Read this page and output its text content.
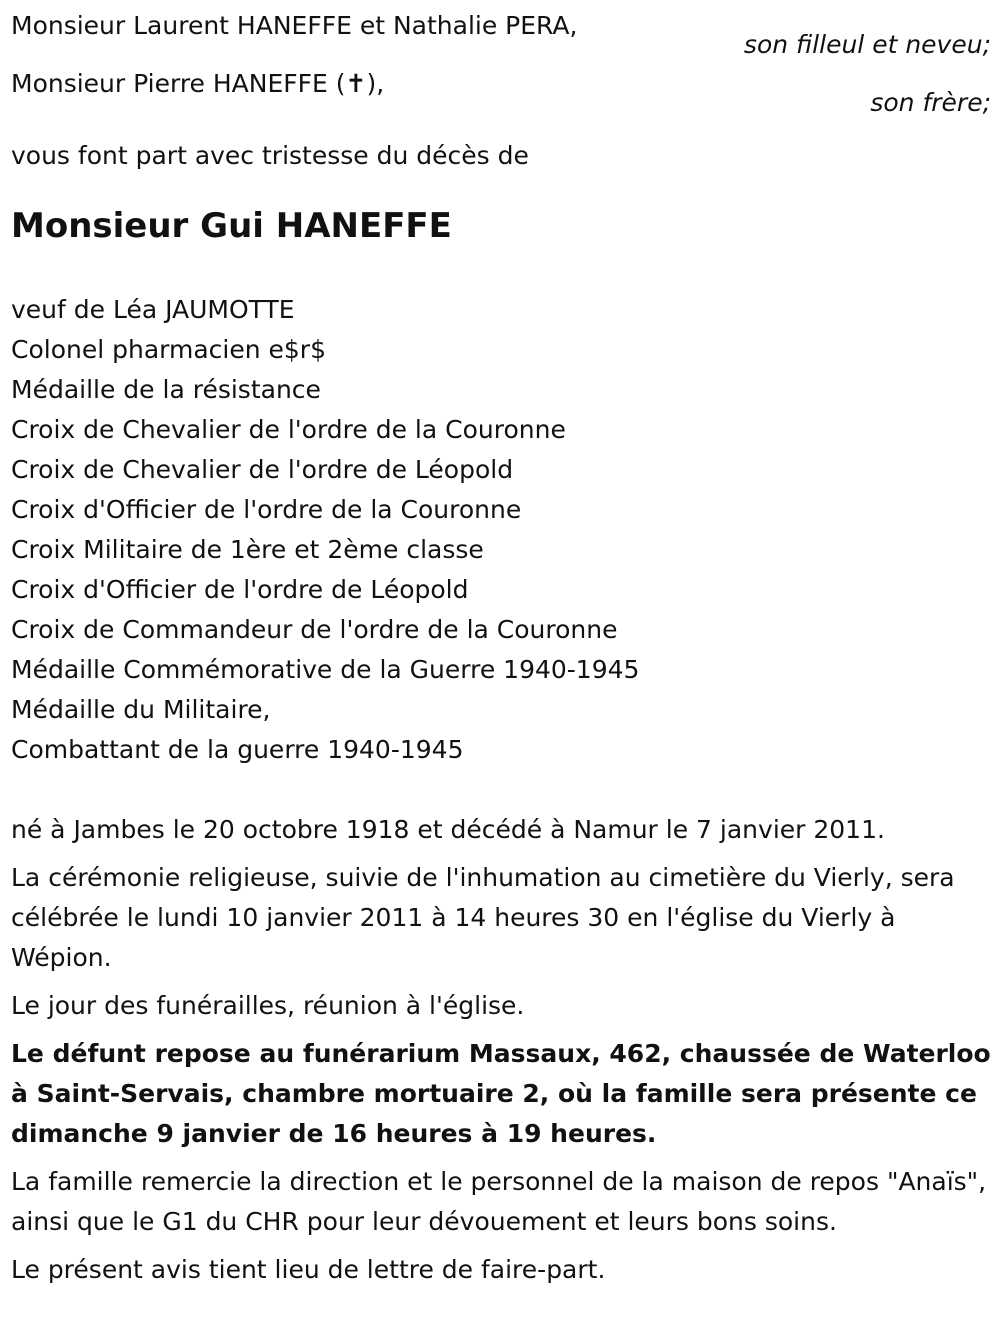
Monsieur Laurent HANEFFE et Nathalie PERA,
son filleul et neveu;
Monsieur Pierre HANEFFE (✝),
son frère;

vous font part avec tristesse du décès de

Monsieur Gui HANEFFE
veuf de Léa JAUMOTTE
Colonel pharmacien e$r$
Médaille de la résistance
Croix de Chevalier de l'ordre de la Couronne
Croix de Chevalier de l'ordre de Léopold
Croix d'Officier de l'ordre de la Couronne
Croix Militaire de 1ère et 2ème classe
Croix d'Officier de l'ordre de Léopold
Croix de Commandeur de l'ordre de la Couronne
Médaille Commémorative de la Guerre 1940-1945
Médaille du Militaire,
Combattant de la guerre 1940-1945

né à Jambes le 20 octobre 1918 et décédé à Namur le 7 janvier 2011.

La cérémonie religieuse, suivie de l'inhumation au cimetière du Vierly, sera célébrée le lundi 10 janvier 2011 à 14 heures 30 en l'église du Vierly à Wépion.

Le jour des funérailles, réunion à l'église.

Le défunt repose au funérarium Massaux, 462, chaussée de Waterloo à Saint-Servais, chambre mortuaire 2, où la famille sera présente ce dimanche 9 janvier de 16 heures à 19 heures.

La famille remercie la direction et le personnel de la maison de repos "Anaïs", ainsi que le G1 du CHR pour leur dévouement et leurs bons soins.

Le présent avis tient lieu de lettre de faire-part.
